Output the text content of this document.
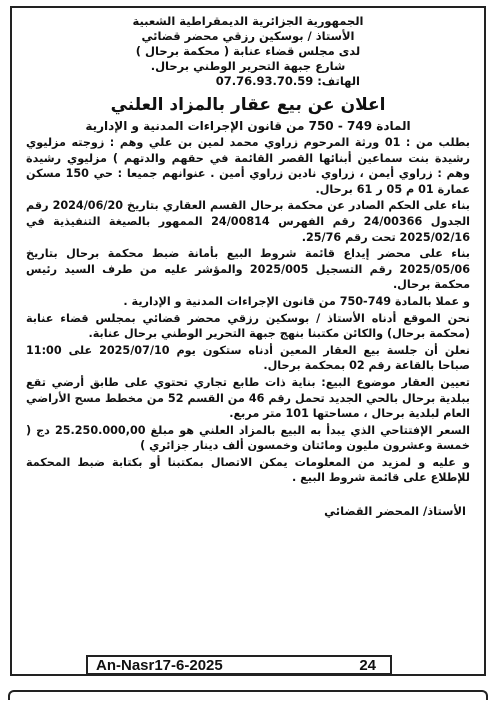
الجمهورية الجزائرية الديمقراطية الشعبية
الأستاذ / بوسكين رزقي محضر قضائي
لدى مجلس قضاء عنابة ( محكمة برحال )
شارع جبهة التحرير الوطني برحال.
الهاتف: 07.76.93.70.59
اعلان عن بيع عقار بالمزاد العلني
المادة 749 - 750 من قانون الإجراءات المدنية و الإدارية

بطلب من : 01 ورثة المرحوم زراوي محمد لمين بن علي وهم : زوجته مزليوي رشيدة بنت سماعين أبنائها القصر القائمة في حقهم والدتهم ) مزليوي رشيدة وهم : زراوي أيمن ، زراوي نادين زراوي أمين . عنوانهم جميعا : حي 150 مسكن عمارة 01 م 05 ر 61 برحال.

بناء على الحكم الصادر عن محكمة برحال القسم العقاري بتاريخ 2024/06/20 رقم الجدول 24/00366 رقم الفهرس 24/00814 الممهور بالصيغة التنفيذية في 2025/02/16 تحت رقم 25/76.

بناء على محضر إيداع قائمة شروط البيع بأمانة ضبط محكمة برحال بتاريخ 2025/05/06 رقم التسجيل 2025/005 والمؤشر عليه من طرف السيد رئيس محكمة برحال.

و عملا بالمادة 749-750 من قانون الإجراءات المدنية و الإدارية .

نحن الموقع أدناه الأستاذ / بوسكين رزقي محضر قضائي بمجلس قضاء عنابة (محكمة برحال) والكائن مكتبنا بنهج جبهة التحرير الوطني برحال عنابة.

نعلن أن جلسة بيع العقار المعين أدناه ستكون يوم 2025/07/10 على 11:00 صباحا بالقاعة رقم 02 بمحكمة برحال.

تعيين العقار موضوع البيع: بناية ذات طابع تجاري تحتوي على طابق أرضي تقع ببلدية برحال بالحي الجديد تحمل رقم 46 من القسم 52 من مخطط مسح الأراضي العام لبلدية برحال ، مساحتها 101 متر مربع.

السعر الإفتتاحي الذي يبدأ به البيع بالمزاد العلني هو مبلغ 25.250.000,00 دج ( خمسة وعشرون مليون ومائتان وخمسون ألف دينار جزائري )

و عليه و لمزيد من المعلومات يمكن الاتصال بمكتبنا أو بكتابة ضبط المحكمة للإطلاع على قائمة شروط البيع .

الأستاذ/ المحضر القضائي
An-Nasr17-6-2025	24
